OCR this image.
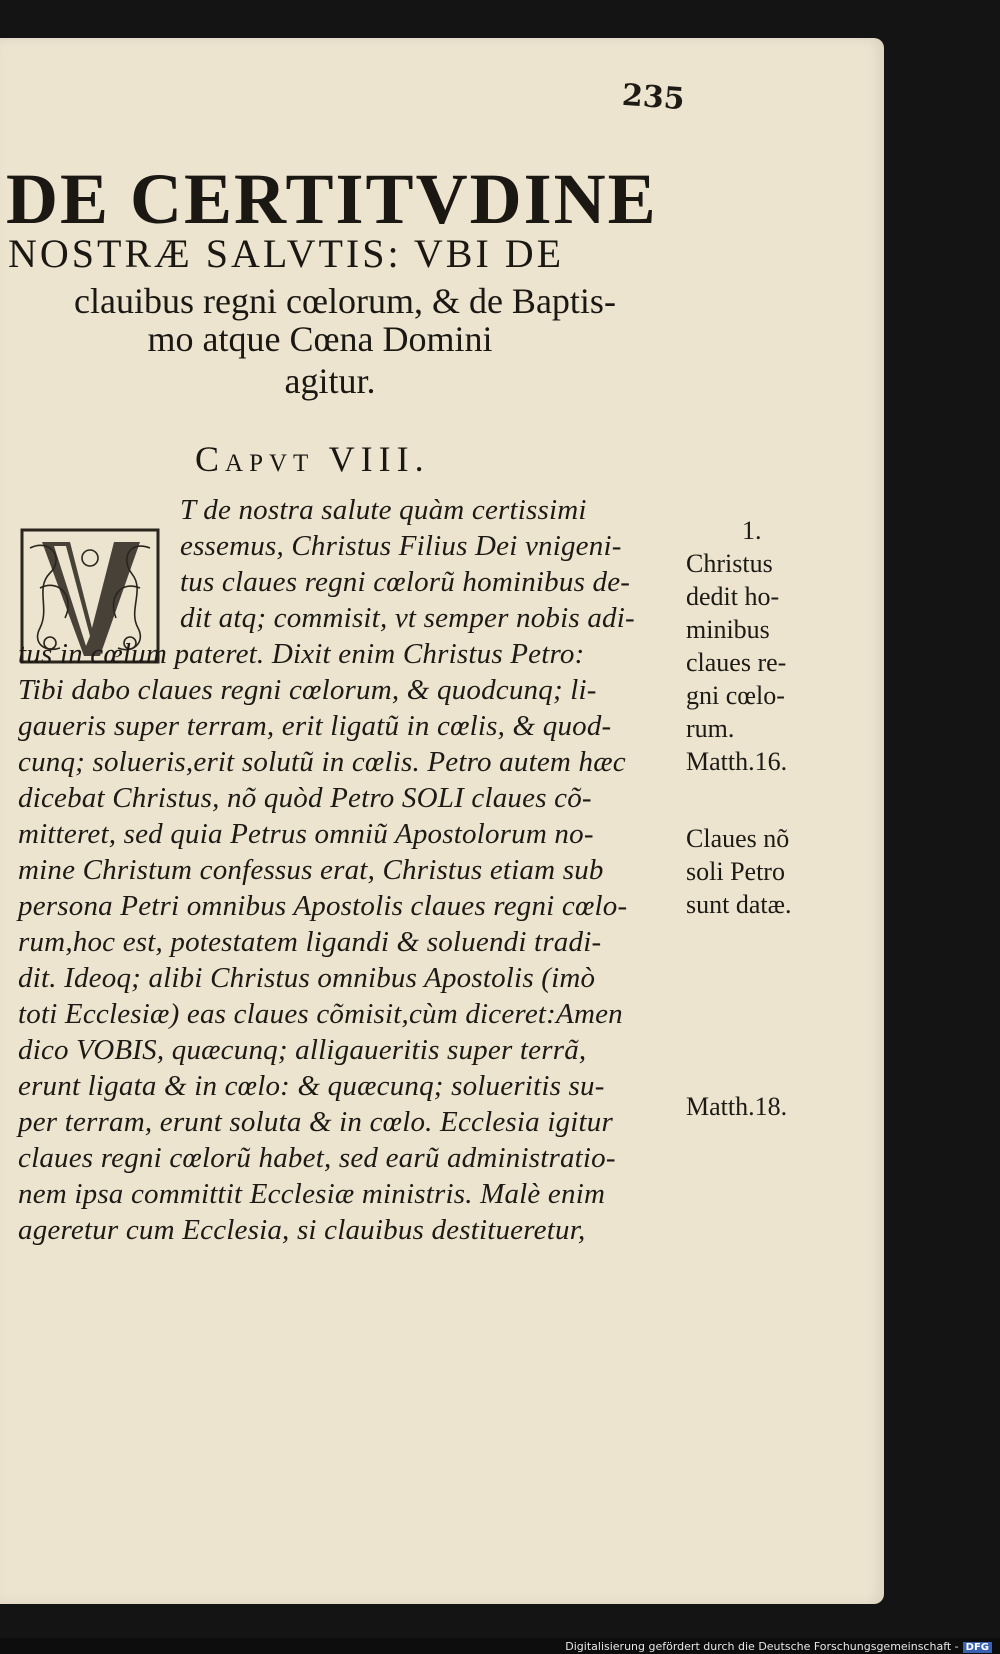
235
DE CERTITVDINE
NOSTRÆ SALVTIS: VBI DE
clauibus regni cœlorum, & de Baptis-
mo atque Cœna Domini
agitur.
Capvt VIII.
T de nostra salute quàm certissimi
essemus, Christus Filius Dei vnigeni-
tus claues regni cœlorũ hominibus de-
dit atq; commisit, vt semper nobis adi-
tus in cœlum pateret. Dixit enim Christus Petro:
Tibi dabo claues regni cœlorum, & quodcunq; li-
gaueris super terram, erit ligatũ in cœlis, & quod-
cunq; solueris,erit solutũ in cœlis. Petro autem hæc
dicebat Christus, nõ quòd Petro SOLI claues cõ-
mitteret, sed quia Petrus omniũ Apostolorum no-
mine Christum confessus erat, Christus etiam sub
persona Petri omnibus Apostolis claues regni cœlo-
rum,hoc est, potestatem ligandi & soluendi tradi-
dit. Ideoq; alibi Christus omnibus Apostolis (imò
toti Ecclesiæ) eas claues cõmisit,cùm diceret:Amen
dico VOBIS, quæcunq; alligaueritis super terrã,
erunt ligata & in cœlo: & quæcunq; solueritis su-
per terram, erunt soluta & in cœlo. Ecclesia igitur
claues regni cœlorũ habet, sed earũ administratio-
nem ipsa committit Ecclesiæ ministris. Malè enim
ageretur cum Ecclesia, si clauibus destitueretur,
1.
Christus
dedit ho-
minibus
claues re-
gni cœlo-
rum.
Matth.16.
Claues nõ
soli Petro
sunt datæ.
Matth.18.
Digitalisierung gefördert durch die Deutsche Forschungsgemeinschaft - DFG
